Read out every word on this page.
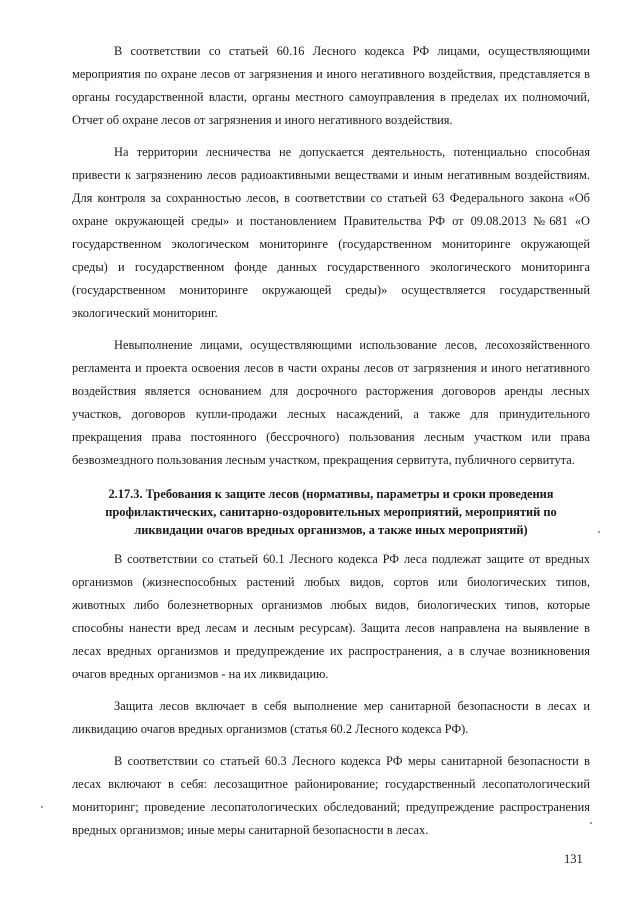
В соответствии со статьей 60.16 Лесного кодекса РФ лицами, осуществляющими мероприятия по охране лесов от загрязнения и иного негативного воздействия, представляется в органы государственной власти, органы местного самоуправления в пределах их полномочий, Отчет об охране лесов от загрязнения и иного негативного воздействия.

На территории лесничества не допускается деятельность, потенциально способная привести к загрязнению лесов радиоактивными веществами и иным негативным воздействиям. Для контроля за сохранностью лесов, в соответствии со статьей 63 Федерального закона «Об охране окружающей среды» и постановлением Правительства РФ от 09.08.2013 №681 «О государственном экологическом мониторинге (государственном мониторинге окружающей среды) и государственном фонде данных государственного экологического мониторинга (государственном мониторинге окружающей среды)» осуществляется государственный экологический мониторинг.

Невыполнение лицами, осуществляющими использование лесов, лесохозяйственного регламента и проекта освоения лесов в части охраны лесов от загрязнения и иного негативного воздействия является основанием для досрочного расторжения договоров аренды лесных участков, договоров купли-продажи лесных насаждений, а также для принудительного прекращения права постоянного (бессрочного) пользования лесным участком или права безвозмездного пользования лесным участком, прекращения сервитута, публичного сервитута.

2.17.3. Требования к защите лесов (нормативы, параметры и сроки проведения профилактических, санитарно-оздоровительных мероприятий, мероприятий по ликвидации очагов вредных организмов, а также иных мероприятий)

В соответствии со статьей 60.1 Лесного кодекса РФ леса подлежат защите от вредных организмов (жизнеспособных растений любых видов, сортов или биологических типов, животных либо болезнетворных организмов любых видов, биологических типов, которые способны нанести вред лесам и лесным ресурсам). Защита лесов направлена на выявление в лесах вредных организмов и предупреждение их распространения, а в случае возникновения очагов вредных организмов - на их ликвидацию.

Защита лесов включает в себя выполнение мер санитарной безопасности в лесах и ликвидацию очагов вредных организмов (статья 60.2 Лесного кодекса РФ).

В соответствии со статьей 60.3 Лесного кодекса РФ меры санитарной безопасности в лесах включают в себя: лесозащитное районирование; государственный лесопатологический мониторинг; проведение лесопатологических обследований; предупреждение распространения вредных организмов; иные меры санитарной безопасности в лесах.

131
